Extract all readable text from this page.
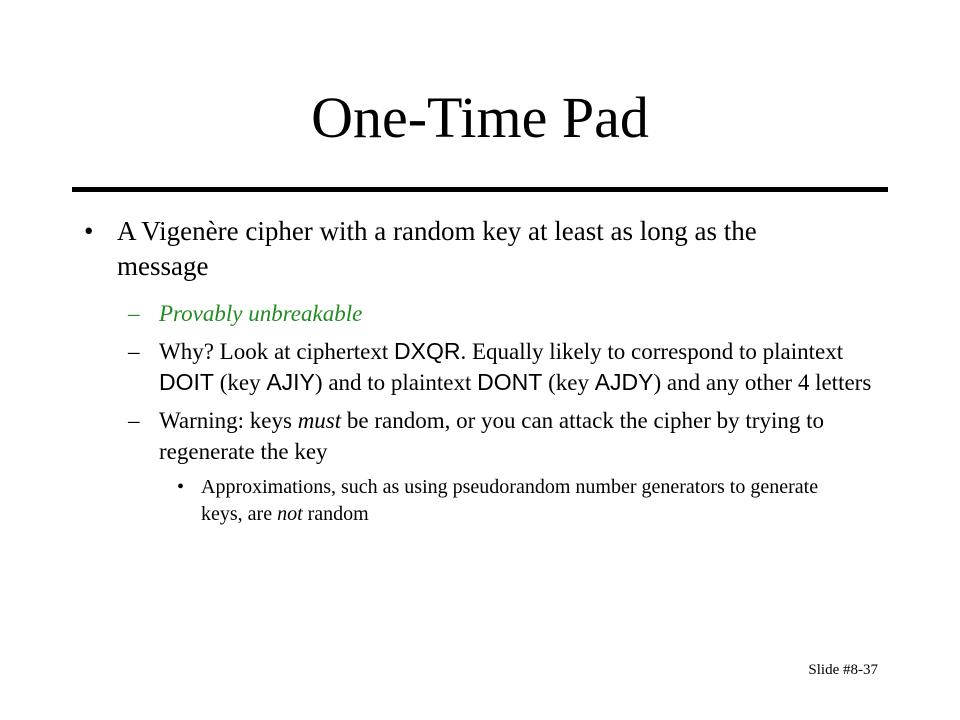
One-Time Pad
• A Vigenère cipher with a random key at least as long as the message
– Provably unbreakable
– Why? Look at ciphertext DXQR. Equally likely to correspond to plaintext DOIT (key AJIY) and to plaintext DONT (key AJDY) and any other 4 letters
– Warning: keys must be random, or you can attack the cipher by trying to regenerate the key
• Approximations, such as using pseudorandom number generators to generate keys, are not random
Slide #8-37
